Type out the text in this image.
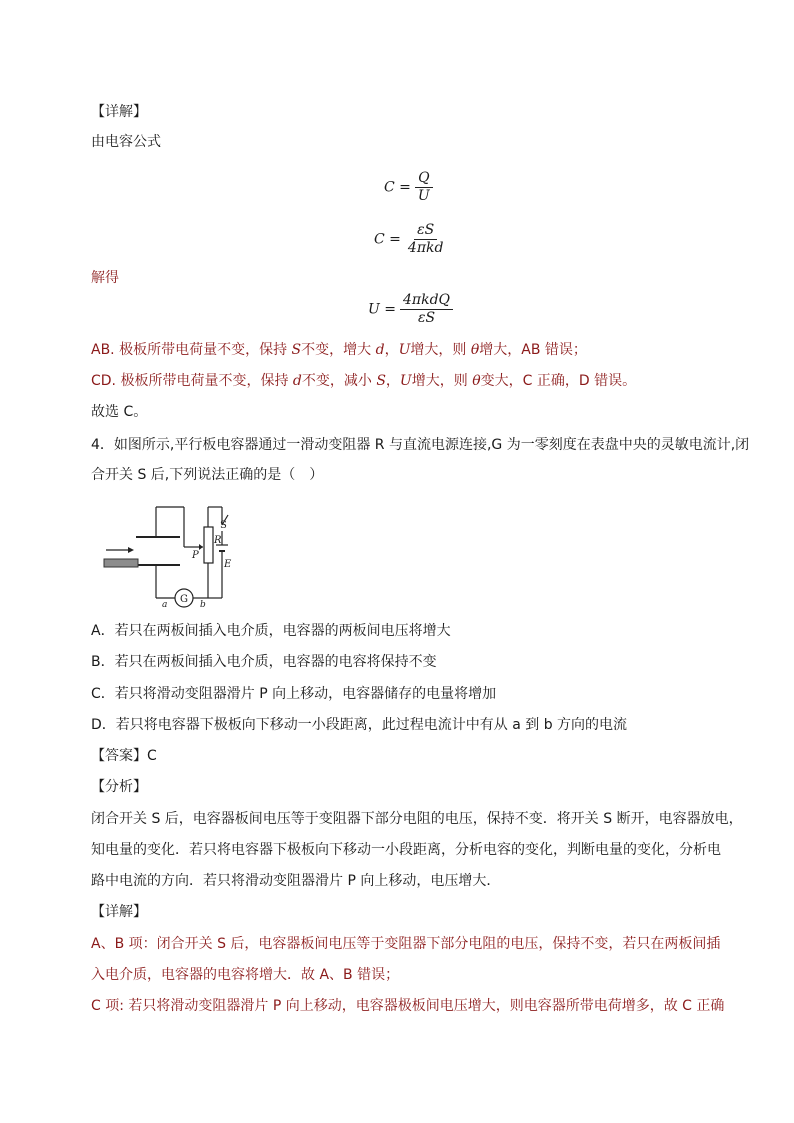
【详解】
由电容公式
$C = \frac{Q}{U}$
$C = \frac{\varepsilon S}{\text{4πkd}}$
解得
$U = \frac{\text{4πkdQ}}{\varepsilon S}$
AB. 极板所带电荷量不变，保持 S不变，增大 d，U增大，则 θ增大，AB 错误；
CD. 极板所带电荷量不变，保持 d不变，减小 S，U增大，则 θ变大，C 正确，D 错误。
故选 C。
4．如图所示,平行板电容器通过一滑动变阻器 R 与直流电源连接,G 为一零刻度在表盘中央的灵敏电流计,闭
合开关 S 后,下列说法正确的是（　）
S
R
P
E
G
a	b
A．若只在两板间插入电介质，电容器的两板间电压将增大
B．若只在两板间插入电介质，电容器的电容将保持不变
C．若只将滑动变阻器滑片 P 向上移动，电容器储存的电量将增加
D．若只将电容器下极板向下移动一小段距离，此过程电流计中有从 a 到 b 方向的电流
【答案】C
【分析】
闭合开关 S 后，电容器板间电压等于变阻器下部分电阻的电压，保持不变．将开关 S 断开，电容器放电，
知电量的变化．若只将电容器下极板向下移动一小段距离，分析电容的变化，判断电量的变化，分析电
路中电流的方向．若只将滑动变阻器滑片 P 向上移动，电压增大．
【详解】
A、B 项：闭合开关 S 后，电容器板间电压等于变阻器下部分电阻的电压，保持不变，若只在两板间插
入电介质，电容器的电容将增大．故 A、B 错误；
C 项: 若只将滑动变阻器滑片 P 向上移动，电容器极板间电压增大，则电容器所带电荷增多，故 C 正确
